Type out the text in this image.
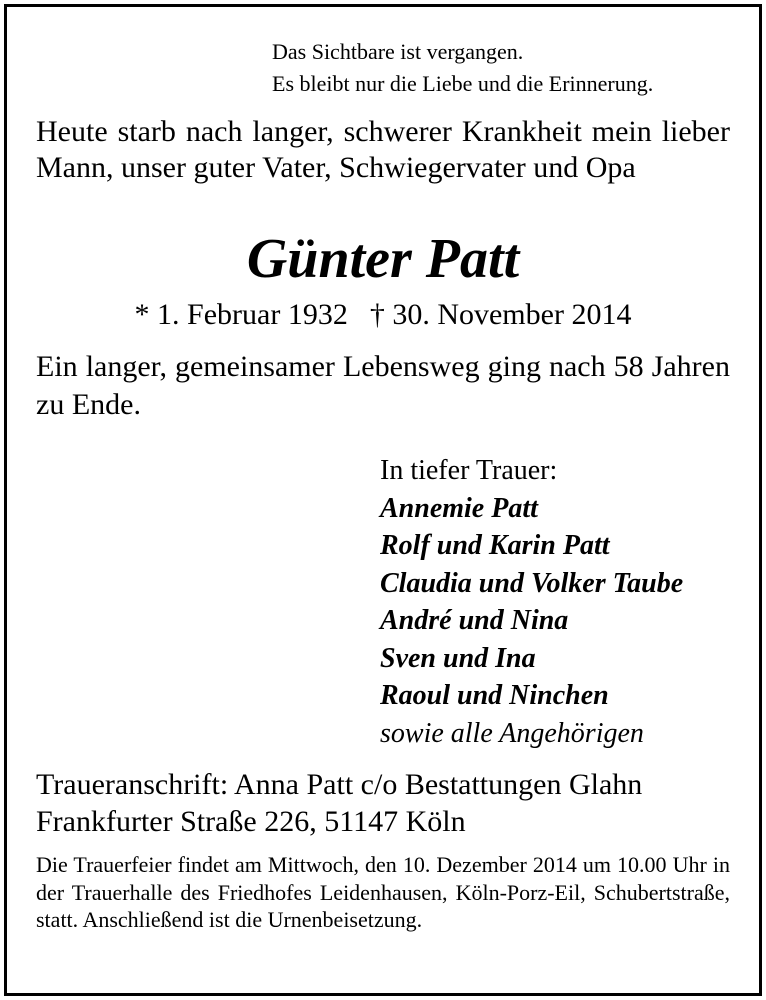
Das Sichtbare ist vergangen.
Es bleibt nur die Liebe und die Erinnerung.
Heute starb nach langer, schwerer Krankheit mein lieber Mann, unser guter Vater, Schwiegervater und Opa
Günter Patt
* 1. Februar 1932 † 30. November 2014
Ein langer, gemeinsamer Lebensweg ging nach 58 Jahren zu Ende.
In tiefer Trauer:
Annemie Patt
Rolf und Karin Patt
Claudia und Volker Taube
André und Nina
Sven und Ina
Raoul und Ninchen
sowie alle Angehörigen
Traueranschrift: Anna Patt c/o Bestattungen Glahn
Frankfurter Straße 226, 51147 Köln
Die Trauerfeier findet am Mittwoch, den 10. Dezember 2014 um 10.00 Uhr in der Trauerhalle des Friedhofes Leidenhausen, Köln-Porz-Eil, Schubertstraße, statt. Anschließend ist die Urnenbeisetzung.
